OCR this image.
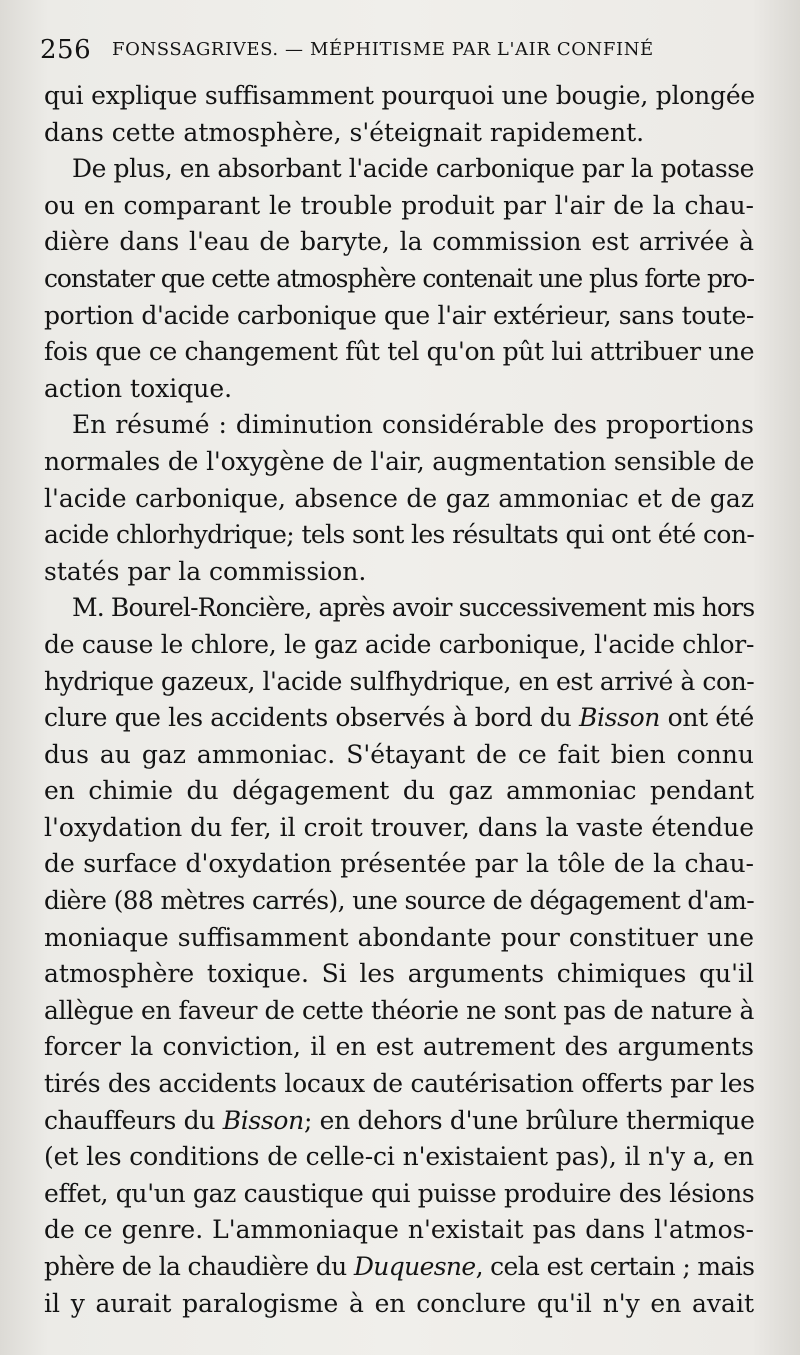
256 FONSSAGRIVES. — MÉPHITISME PAR L'AIR CONFINÉ
qui explique suffisamment pourquoi une bougie, plongée
dans cette atmosphère, s'éteignait rapidement.
De plus, en absorbant l'acide carbonique par la potasse
ou en comparant le trouble produit par l'air de la chau-
dière dans l'eau de baryte, la commission est arrivée à
constater que cette atmosphère contenait une plus forte pro-
portion d'acide carbonique que l'air extérieur, sans toute-
fois que ce changement fût tel qu'on pût lui attribuer une
action toxique.
En résumé : diminution considérable des proportions
normales de l'oxygène de l'air, augmentation sensible de
l'acide carbonique, absence de gaz ammoniac et de gaz
acide chlorhydrique; tels sont les résultats qui ont été con-
statés par la commission.
M. Bourel-Roncière, après avoir successivement mis hors
de cause le chlore, le gaz acide carbonique, l'acide chlor-
hydrique gazeux, l'acide sulfhydrique, en est arrivé à con-
clure que les accidents observés à bord du Bisson ont été
dus au gaz ammoniac. S'étayant de ce fait bien connu
en chimie du dégagement du gaz ammoniac pendant
l'oxydation du fer, il croit trouver, dans la vaste étendue
de surface d'oxydation présentée par la tôle de la chau-
dière (88 mètres carrés), une source de dégagement d'am-
moniaque suffisamment abondante pour constituer une
atmosphère toxique. Si les arguments chimiques qu'il
allègue en faveur de cette théorie ne sont pas de nature à
forcer la conviction, il en est autrement des arguments
tirés des accidents locaux de cautérisation offerts par les
chauffeurs du Bisson; en dehors d'une brûlure thermique
(et les conditions de celle-ci n'existaient pas), il n'y a, en
effet, qu'un gaz caustique qui puisse produire des lésions
de ce genre. L'ammoniaque n'existait pas dans l'atmos-
phère de la chaudière du Duquesne, cela est certain ; mais
il y aurait paralogisme à en conclure qu'il n'y en avait
